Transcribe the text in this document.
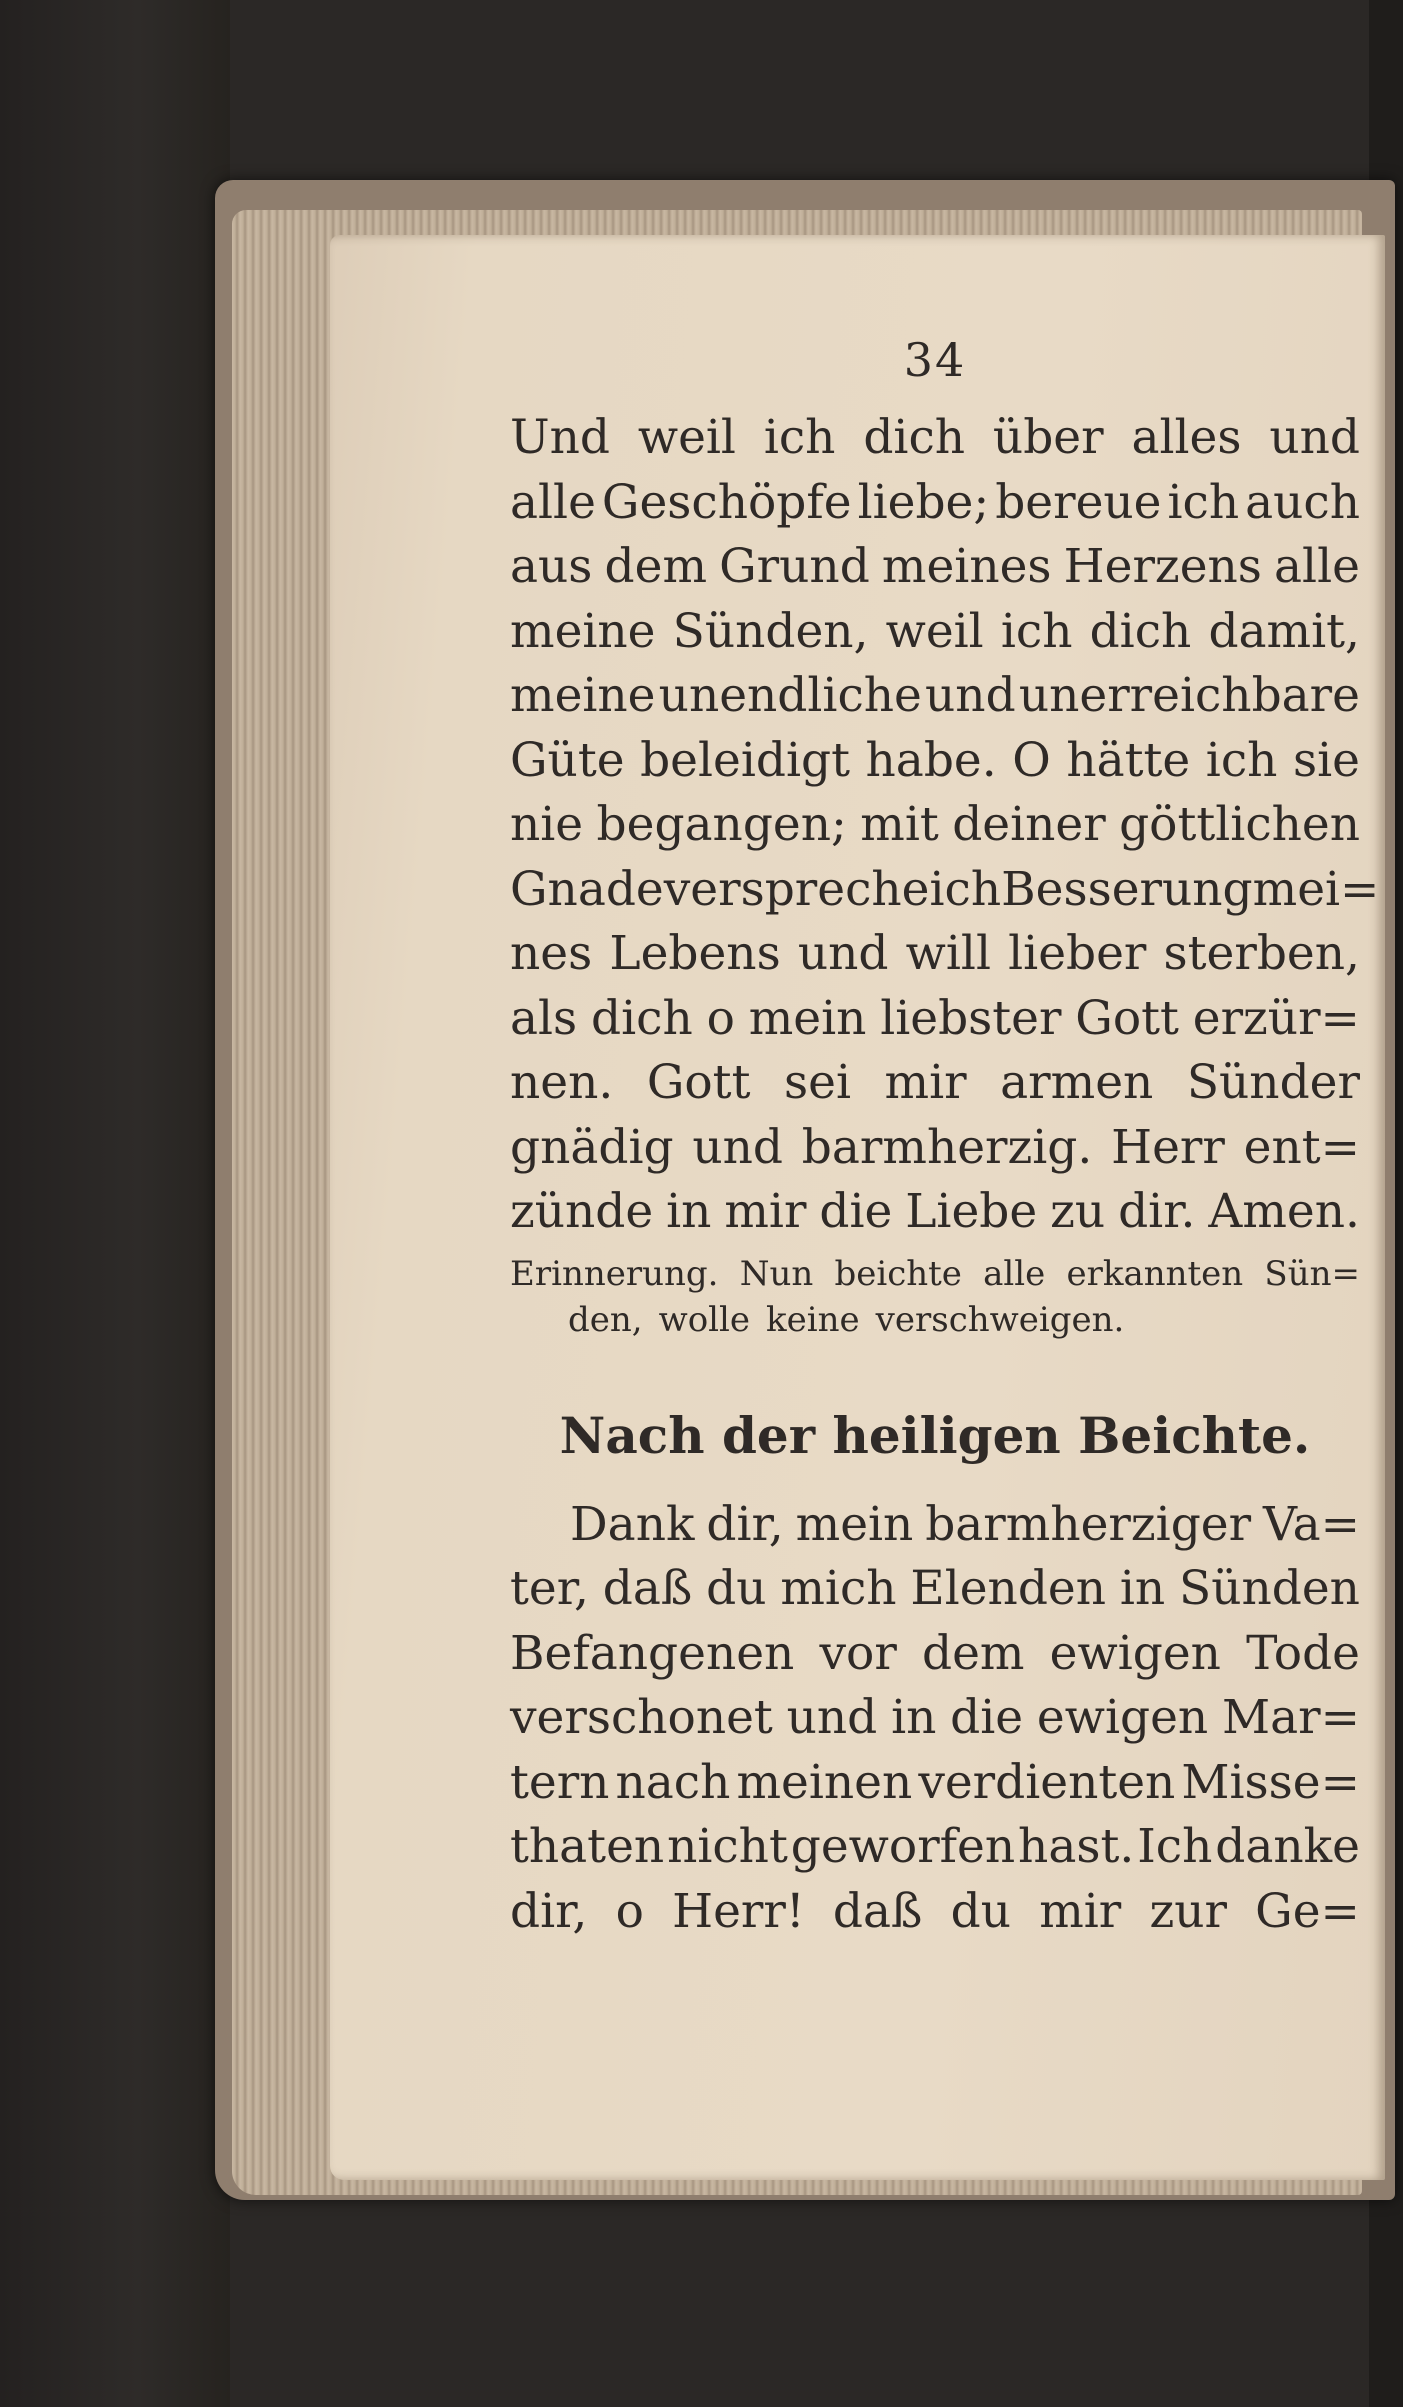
34
Und weil ich dich über alles und
alle Geschöpfe liebe; bereue ich auch
aus dem Grund meines Herzens alle
meine Sünden, weil ich dich damit,
meine unendliche und unerreichbare
Güte beleidigt habe. O hätte ich sie
nie begangen; mit deiner göttlichen
Gnade verspreche ich Besserung mei=
nes Lebens und will lieber sterben,
als dich o mein liebster Gott erzür=
nen. Gott sei mir armen Sünder
gnädig und barmherzig. Herr ent=
zünde in mir die Liebe zu dir. Amen.
Erinnerung. Nun beichte alle erkannten Sün=
den, wolle keine verschweigen.
Nach der heiligen Beichte.
Dank dir, mein barmherziger Va=
ter, daß du mich Elenden in Sünden
Befangenen vor dem ewigen Tode
verschonet und in die ewigen Mar=
tern nach meinen verdienten Misse=
thaten nicht geworfen hast. Ich danke
dir, o Herr! daß du mir zur Ge=
